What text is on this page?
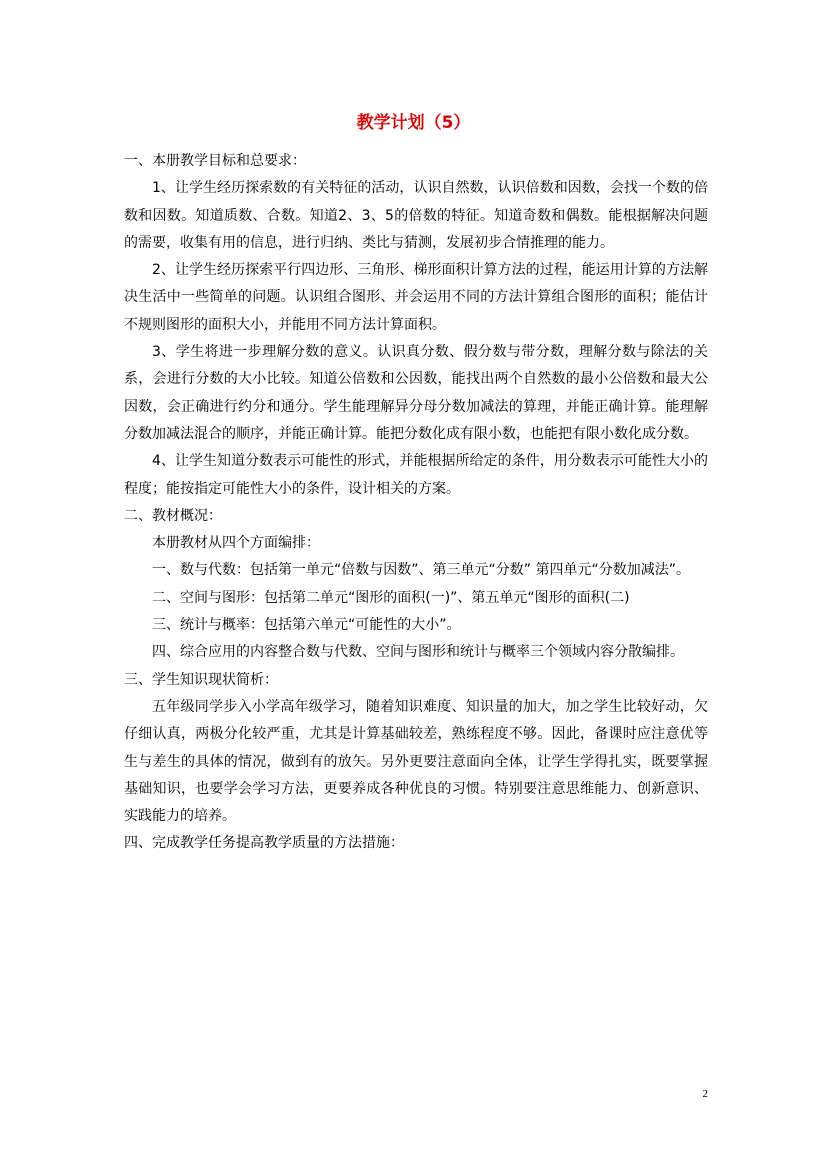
教学计划（5）

一、本册教学目标和总要求：

1、让学生经历探索数的有关特征的活动，认识自然数，认识倍数和因数，会找一个数的倍数和因数。知道质数、合数。知道2、3、5的倍数的特征。知道奇数和偶数。能根据解决问题的需要，收集有用的信息，进行归纳、类比与猜测，发展初步合情推理的能力。

2、让学生经历探索平行四边形、三角形、梯形面积计算方法的过程，能运用计算的方法解决生活中一些简单的问题。认识组合图形、并会运用不同的方法计算组合图形的面积；能估计不规则图形的面积大小，并能用不同方法计算面积。

3、学生将进一步理解分数的意义。认识真分数、假分数与带分数，理解分数与除法的关系，会进行分数的大小比较。知道公倍数和公因数，能找出两个自然数的最小公倍数和最大公因数，会正确进行约分和通分。学生能理解异分母分数加减法的算理，并能正确计算。能理解分数加减法混合的顺序，并能正确计算。能把分数化成有限小数，也能把有限小数化成分数。

4、让学生知道分数表示可能性的形式，并能根据所给定的条件，用分数表示可能性大小的程度；能按指定可能性大小的条件，设计相关的方案。

二、教材概况：

本册教材从四个方面编排：

一、数与代数：包括第一单元“倍数与因数”、第三单元“分数” 第四单元“分数加减法”。

二、空间与图形：包括第二单元“图形的面积(一)”、第五单元“图形的面积(二)

三、统计与概率：包括第六单元“可能性的大小”。

四、综合应用的内容整合数与代数、空间与图形和统计与概率三个领域内容分散编排。

三、学生知识现状简析：

五年级同学步入小学高年级学习，随着知识难度、知识量的加大，加之学生比较好动，欠仔细认真，两极分化较严重，尤其是计算基础较差，熟练程度不够。因此，备课时应注意优等生与差生的具体的情况，做到有的放矢。另外更要注意面向全体，让学生学得扎实，既要掌握基础知识，也要学会学习方法，更要养成各种优良的习惯。特别要注意思维能力、创新意识、实践能力的培养。

四、完成教学任务提高教学质量的方法措施：

2
